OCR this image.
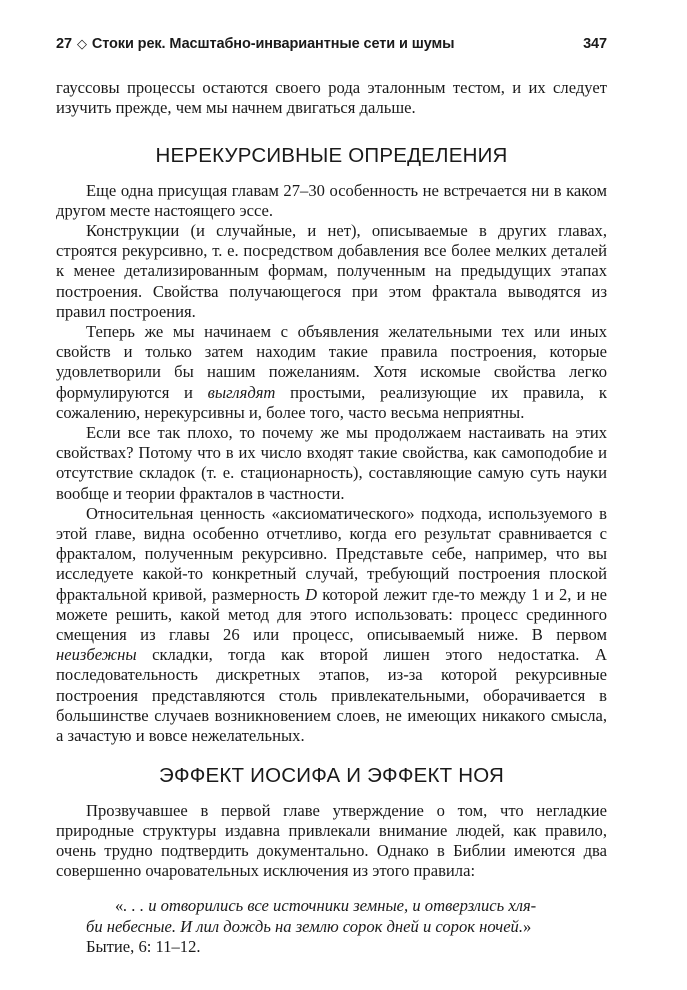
27 ◇ Стоки рек. Масштабно-инвариантные сети и шумы	347

гауссовы процессы остаются своего рода эталонным тестом, и их следует изучить прежде, чем мы начнем двигаться дальше.

НЕРЕКУРСИВНЫЕ ОПРЕДЕЛЕНИЯ

Еще одна присущая главам 27–30 особенность не встречается ни в каком другом месте настоящего эссе.

Конструкции (и случайные, и нет), описываемые в других главах, строятся рекурсивно, т. е. посредством добавления все более мелких деталей к менее детализированным формам, полученным на предыдущих этапах построения. Свойства получающегося при этом фрактала выводятся из правил построения.

Теперь же мы начинаем с объявления желательными тех или иных свойств и только затем находим такие правила построения, которые удовлетворили бы нашим пожеланиям. Хотя искомые свойства легко формулируются и выглядят простыми, реализующие их правила, к сожалению, нерекурсивны и, более того, часто весьма неприятны.

Если все так плохо, то почему же мы продолжаем настаивать на этих свойствах? Потому что в их число входят такие свойства, как самоподобие и отсутствие складок (т. е. стационарность), составляющие самую суть науки вообще и теории фракталов в частности.

Относительная ценность «аксиоматического» подхода, используемого в этой главе, видна особенно отчетливо, когда его результат сравнивается с фракталом, полученным рекурсивно. Представьте себе, например, что вы исследуете какой-то конкретный случай, требующий построения плоской фрактальной кривой, размерность D которой лежит где-то между 1 и 2, и не можете решить, какой метод для этого использовать: процесс срединного смещения из главы 26 или процесс, описываемый ниже. В первом неизбежны складки, тогда как второй лишен этого недостатка. А последовательность дискретных этапов, из-за которой рекурсивные построения представляются столь привлекательными, оборачивается в большинстве случаев возникновением слоев, не имеющих никакого смысла, а зачастую и вовсе нежелательных.

ЭФФЕКТ ИОСИФА И ЭФФЕКТ НОЯ

Прозвучавшее в первой главе утверждение о том, что негладкие природные структуры издавна привлекали внимание людей, как правило, очень трудно подтвердить документально. Однако в Библии имеются два совершенно очаровательных исключения из этого правила:

«. . . и отворились все источники земные, и отверзлись хля-

би небесные. И лил дождь на землю сорок дней и сорок ночей.»

Бытие, 6: 11–12.
